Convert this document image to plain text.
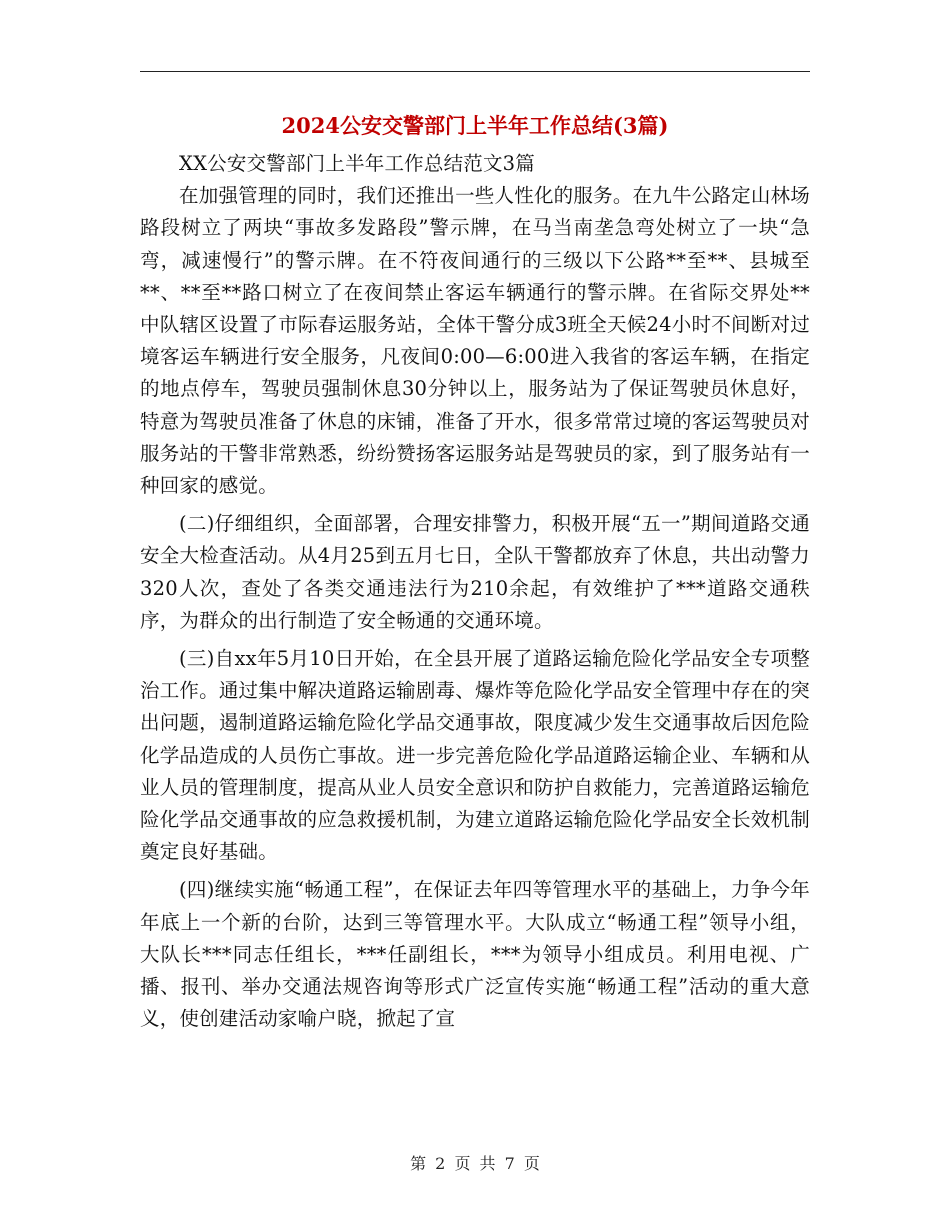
2024公安交警部门上半年工作总结(3篇)

XX公安交警部门上半年工作总结范文3篇

在加强管理的同时，我们还推出一些人性化的服务。在九牛公路定山林场路段树立了两块“事故多发路段”警示牌，在马当南垄急弯处树立了一块“急弯，减速慢行”的警示牌。在不符夜间通行的三级以下公路**至**、县城至**、**至**路口树立了在夜间禁止客运车辆通行的警示牌。在省际交界处**中队辖区设置了市际春运服务站，全体干警分成3班全天候24小时不间断对过境客运车辆进行安全服务，凡夜间0:00—6:00进入我省的客运车辆，在指定的地点停车，驾驶员强制休息30分钟以上，服务站为了保证驾驶员休息好，特意为驾驶员准备了休息的床铺，准备了开水，很多常常过境的客运驾驶员对服务站的干警非常熟悉，纷纷赞扬客运服务站是驾驶员的家，到了服务站有一种回家的感觉。

(二)仔细组织，全面部署，合理安排警力，积极开展“五一”期间道路交通安全大检查活动。从4月25到五月七日，全队干警都放弃了休息，共出动警力 320人次，查处了各类交通违法行为210余起，有效维护了***道路交通秩序，为群众的出行制造了安全畅通的交通环境。

(三)自xx年5月10日开始，在全县开展了道路运输危险化学品安全专项整治工作。通过集中解决道路运输剧毒、爆炸等危险化学品安全管理中存在的突出问题，遏制道路运输危险化学品交通事故，限度减少发生交通事故后因危险化学品造成的人员伤亡事故。进一步完善危险化学品道路运输企业、车辆和从业人员的管理制度，提高从业人员安全意识和防护自救能力，完善道路运输危险化学品交通事故的应急救援机制，为建立道路运输危险化学品安全长效机制奠定良好基础。

(四)继续实施“畅通工程”，在保证去年四等管理水平的基础上，力争今年年底上一个新的台阶，达到三等管理水平。大队成立“畅通工程”领导小组，大队长***同志任组长，***任副组长，***为领导小组成员。利用电视、广播、报刊、举办交通法规咨询等形式广泛宣传实施“畅通工程”活动的重大意义，使创建活动家喻户晓，掀起了宣

第 2 页 共 7 页
